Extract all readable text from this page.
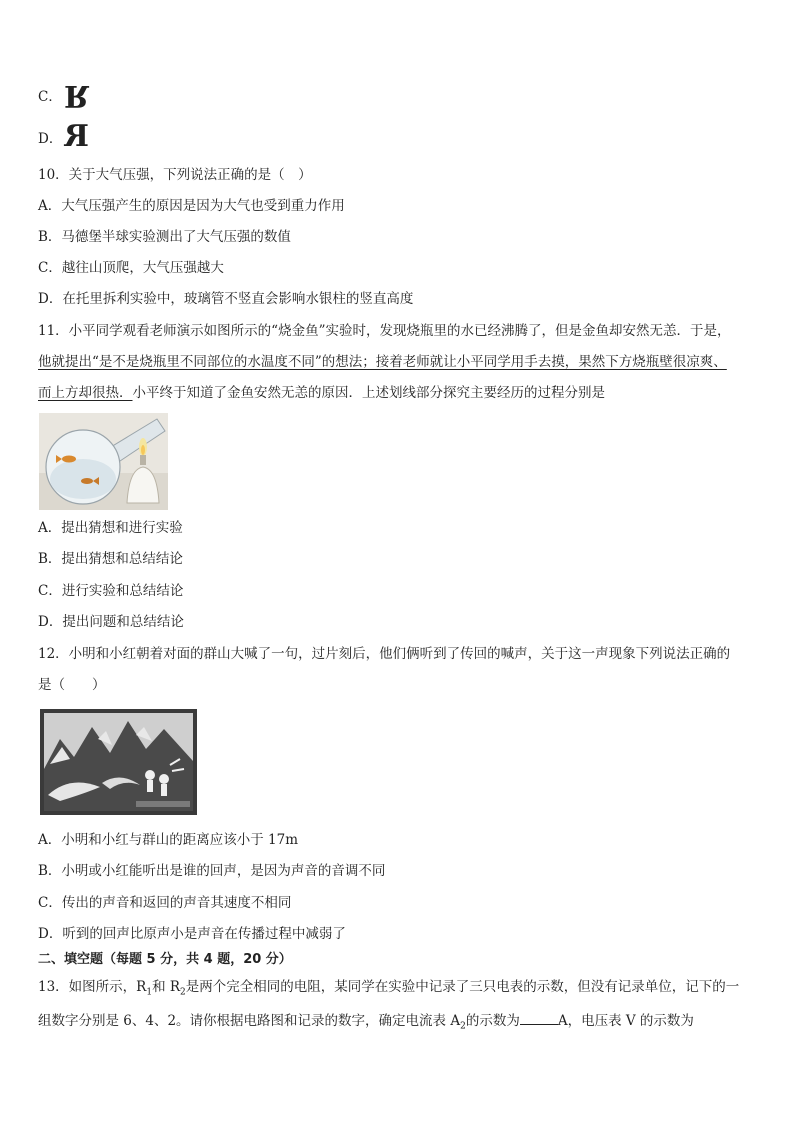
C． R
D． R
10．关于大气压强，下列说法正确的是（　）
A．大气压强产生的原因是因为大气也受到重力作用
B．马德堡半球实验测出了大气压强的数值
C．越往山顶爬，大气压强越大
D．在托里拆利实验中，玻璃管不竖直会影响水银柱的竖直高度
11．小平同学观看老师演示如图所示的“烧金鱼”实验时，发现烧瓶里的水已经沸腾了，但是金鱼却安然无恙．于是，
他就提出“是不是烧瓶里不同部位的水温度不同”的想法；接着老师就让小平同学用手去摸，果然下方烧瓶壁很凉爽、
而上方却很热．小平终于知道了金鱼安然无恙的原因．上述划线部分探究主要经历的过程分别是
A．提出猜想和进行实验
B．提出猜想和总结结论
C．进行实验和总结结论
D．提出问题和总结结论
12．小明和小红朝着对面的群山大喊了一句，过片刻后，他们俩听到了传回的喊声，关于这一声现象下列说法正确的
是（　　）
A．小明和小红与群山的距离应该小于 17m
B．小明或小红能听出是谁的回声，是因为声音的音调不同
C．传出的声音和返回的声音其速度不相同
D．听到的回声比原声小是声音在传播过程中减弱了
二、填空题（每题 5 分，共 4 题，20 分）
13．如图所示，$R_1$和 $R_2$是两个完全相同的电阻，某同学在实验中记录了三只电表的示数，但没有记录单位，记下的一
组数字分别是 6、4、2。请你根据电路图和记录的数字，确定电流表 $A_2$的示数为	A，电压表 V 的示数为
